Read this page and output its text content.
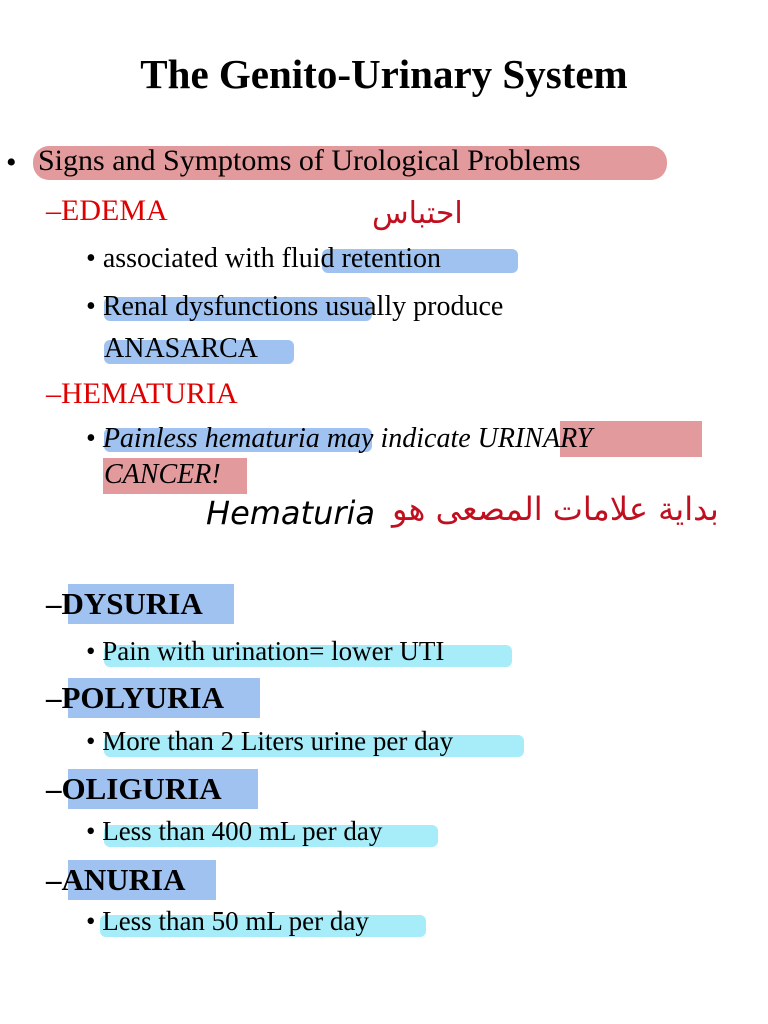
The Genito-Urinary System
• Signs and Symptoms of Urological Problems
–EDEMA	احتباس
• associated with fluid retention
• Renal dysfunctions usually produce
ANASARCA
–HEMATURIA
• Painless hematuria may indicate URINARY
CANCER!
Hematuria بداية علامات المصعى هو
–DYSURIA
• Pain with urination= lower UTI
–POLYURIA
• More than 2 Liters urine per day
–OLIGURIA
• Less than 400 mL per day
–ANURIA
• Less than 50 mL per day
